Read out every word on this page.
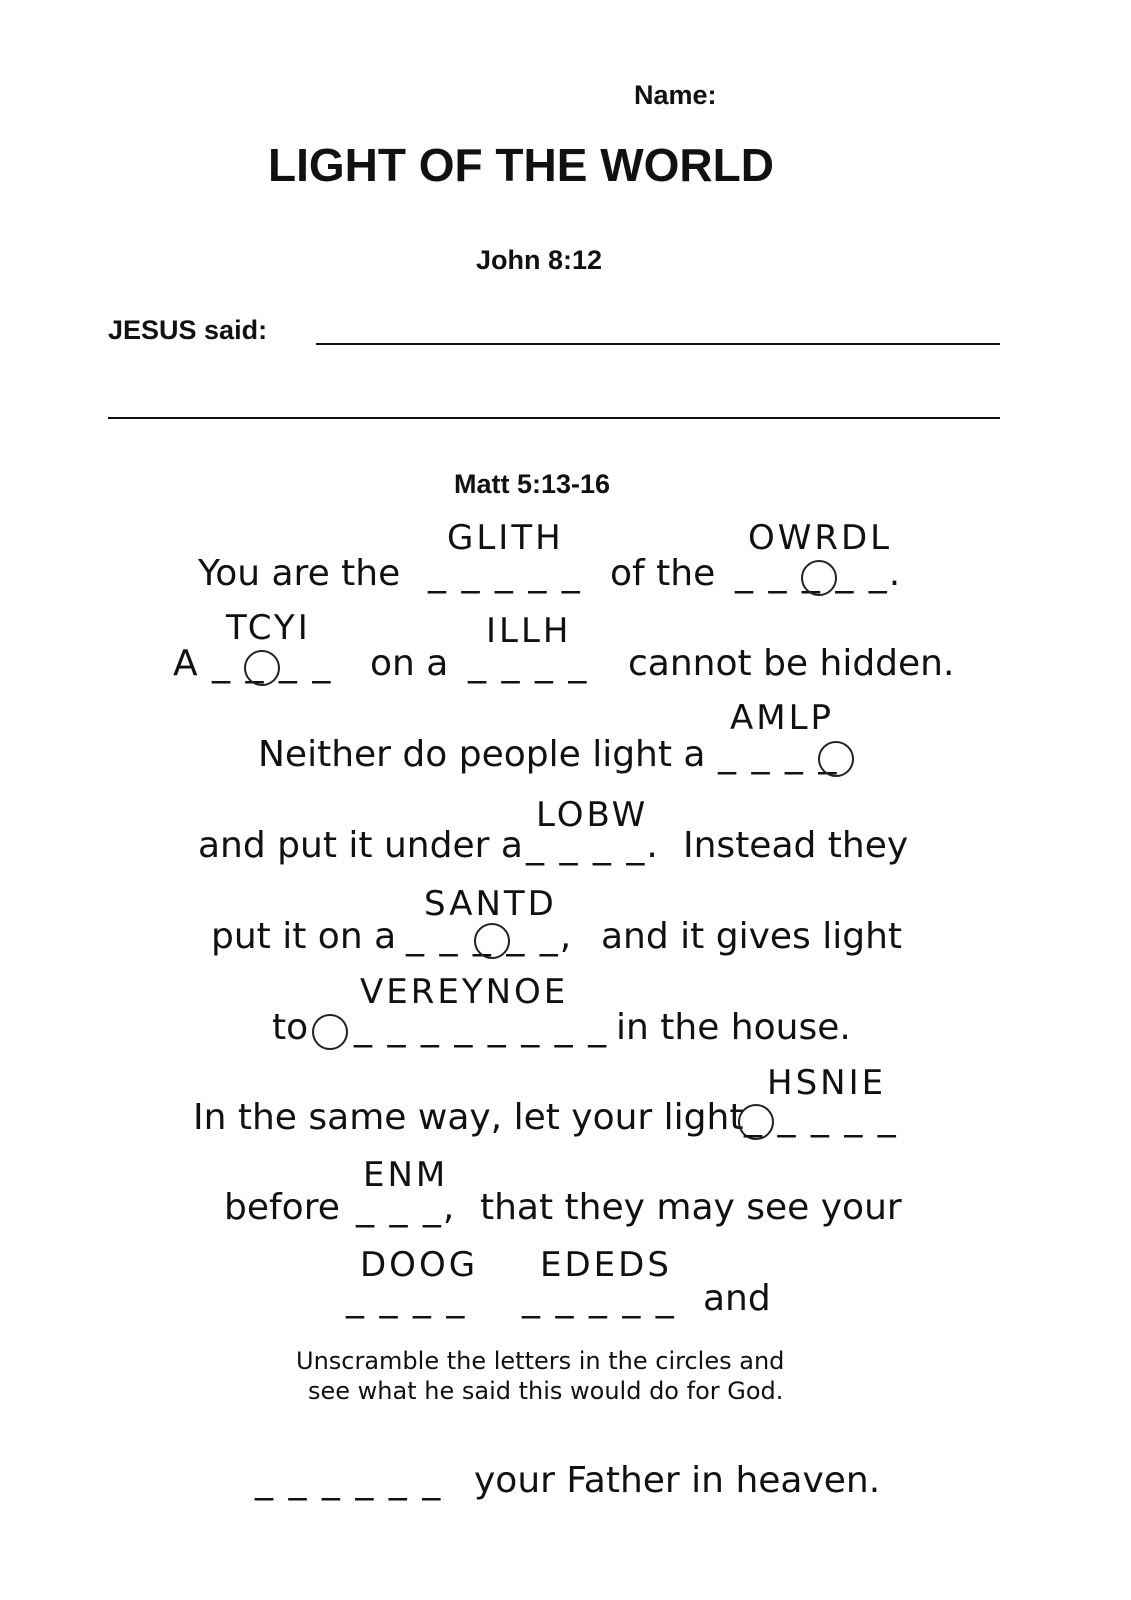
Name:
LIGHT OF THE WORLD
John 8:12
JESUS said:
Matt 5:13-16
GLITH	OWRDL
You are the _ _ _ _ _ of the _ _ _ _ _.
TCYI	ILLH
A _ _ _ _ on a _ _ _ _ cannot be hidden.
AMLP
Neither do people light a _ _ _ _
LOBW
and put it under a _ _ _ _. Instead they
SANTD
put it on a _ _ _ _ _, and it gives light
VEREYNOE
to _ _ _ _ _ _ _ _ in the house.
HSNIE
In the same way, let your light _ _ _ _ _
ENM
before _ _ _, that they may see your
DOOG EDEDS
_ _ _ _ _ _ _ _ _ and
Unscramble the letters in the circles and
see what he said this would do for God.
_ _ _ _ _ _ your Father in heaven.
